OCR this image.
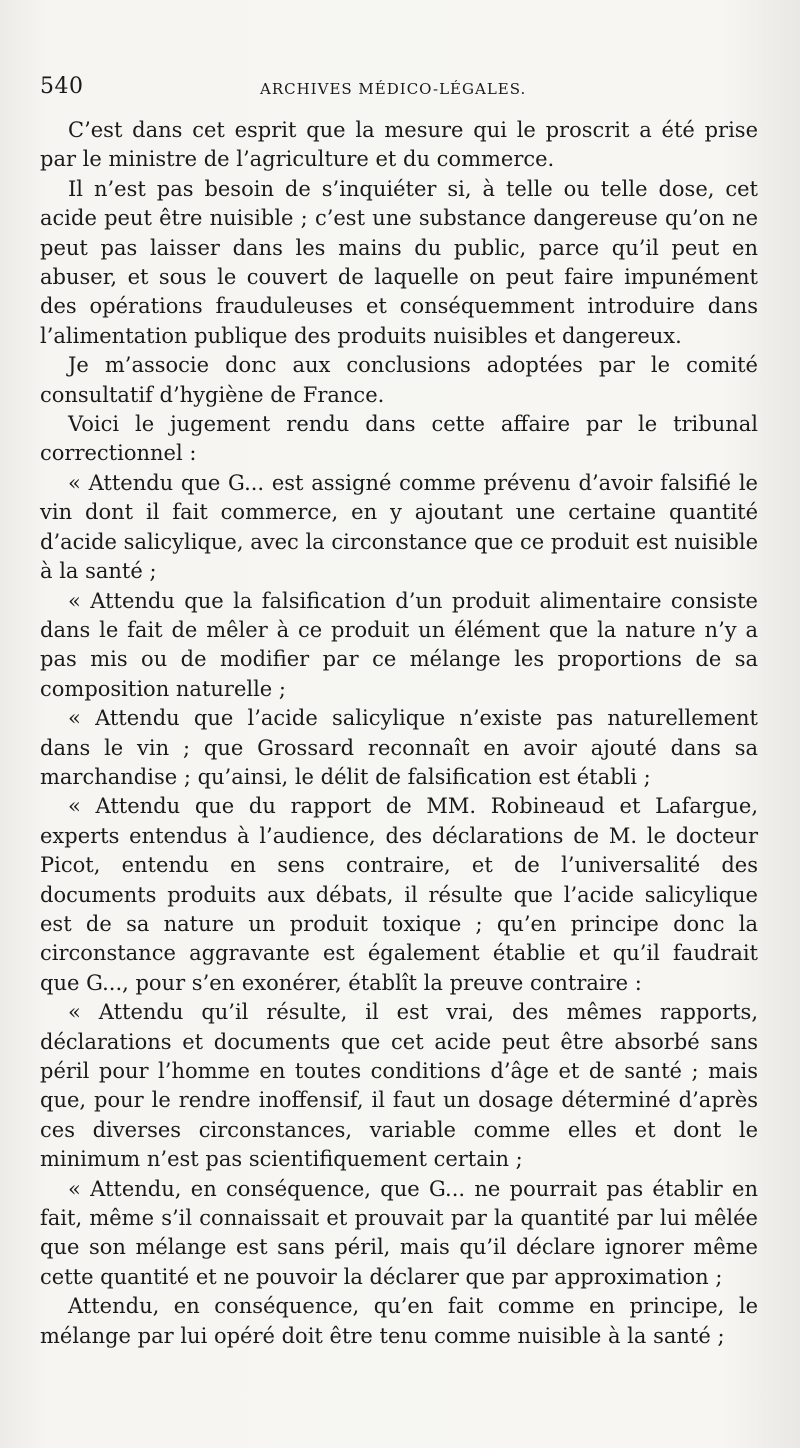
540	ARCHIVES MÉDICO-LÉGALES.

C’est dans cet esprit que la mesure qui le proscrit a été prise par le ministre de l’agriculture et du commerce.

Il n’est pas besoin de s’inquiéter si, à telle ou telle dose, cet acide peut être nuisible ; c’est une substance dangereuse qu’on ne peut pas laisser dans les mains du public, parce qu’il peut en abuser, et sous le couvert de laquelle on peut faire impunément des opérations frauduleuses et conséquemment introduire dans l’alimentation publique des produits nuisibles et dangereux.

Je m’associe donc aux conclusions adoptées par le comité consultatif d’hygiène de France.

Voici le jugement rendu dans cette affaire par le tribunal correctionnel :

« Attendu que G... est assigné comme prévenu d’avoir falsifié le vin dont il fait commerce, en y ajoutant une certaine quantité d’acide salicylique, avec la circonstance que ce produit est nuisible à la santé ;

« Attendu que la falsification d’un produit alimentaire consiste dans le fait de mêler à ce produit un élément que la nature n’y a pas mis ou de modifier par ce mélange les proportions de sa composition naturelle ;

« Attendu que l’acide salicylique n’existe pas naturellement dans le vin ; que Grossard reconnaît en avoir ajouté dans sa marchandise ; qu’ainsi, le délit de falsification est établi ;

« Attendu que du rapport de MM. Robineaud et Lafargue, experts entendus à l’audience, des déclarations de M. le docteur Picot, entendu en sens contraire, et de l’universalité des documents produits aux débats, il résulte que l’acide salicylique est de sa nature un produit toxique ; qu’en principe donc la circonstance aggravante est également établie et qu’il faudrait que G..., pour s’en exonérer, établît la preuve contraire :

« Attendu qu’il résulte, il est vrai, des mêmes rapports, déclarations et documents que cet acide peut être absorbé sans péril pour l’homme en toutes conditions d’âge et de santé ; mais que, pour le rendre inoffensif, il faut un dosage déterminé d’après ces diverses circonstances, variable comme elles et dont le minimum n’est pas scientifiquement certain ;

« Attendu, en conséquence, que G... ne pourrait pas établir en fait, même s’il connaissait et prouvait par la quantité par lui mêlée que son mélange est sans péril, mais qu’il déclare ignorer même cette quantité et ne pouvoir la déclarer que par approximation ;

Attendu, en conséquence, qu’en fait comme en principe, le mélange par lui opéré doit être tenu comme nuisible à la santé ;
